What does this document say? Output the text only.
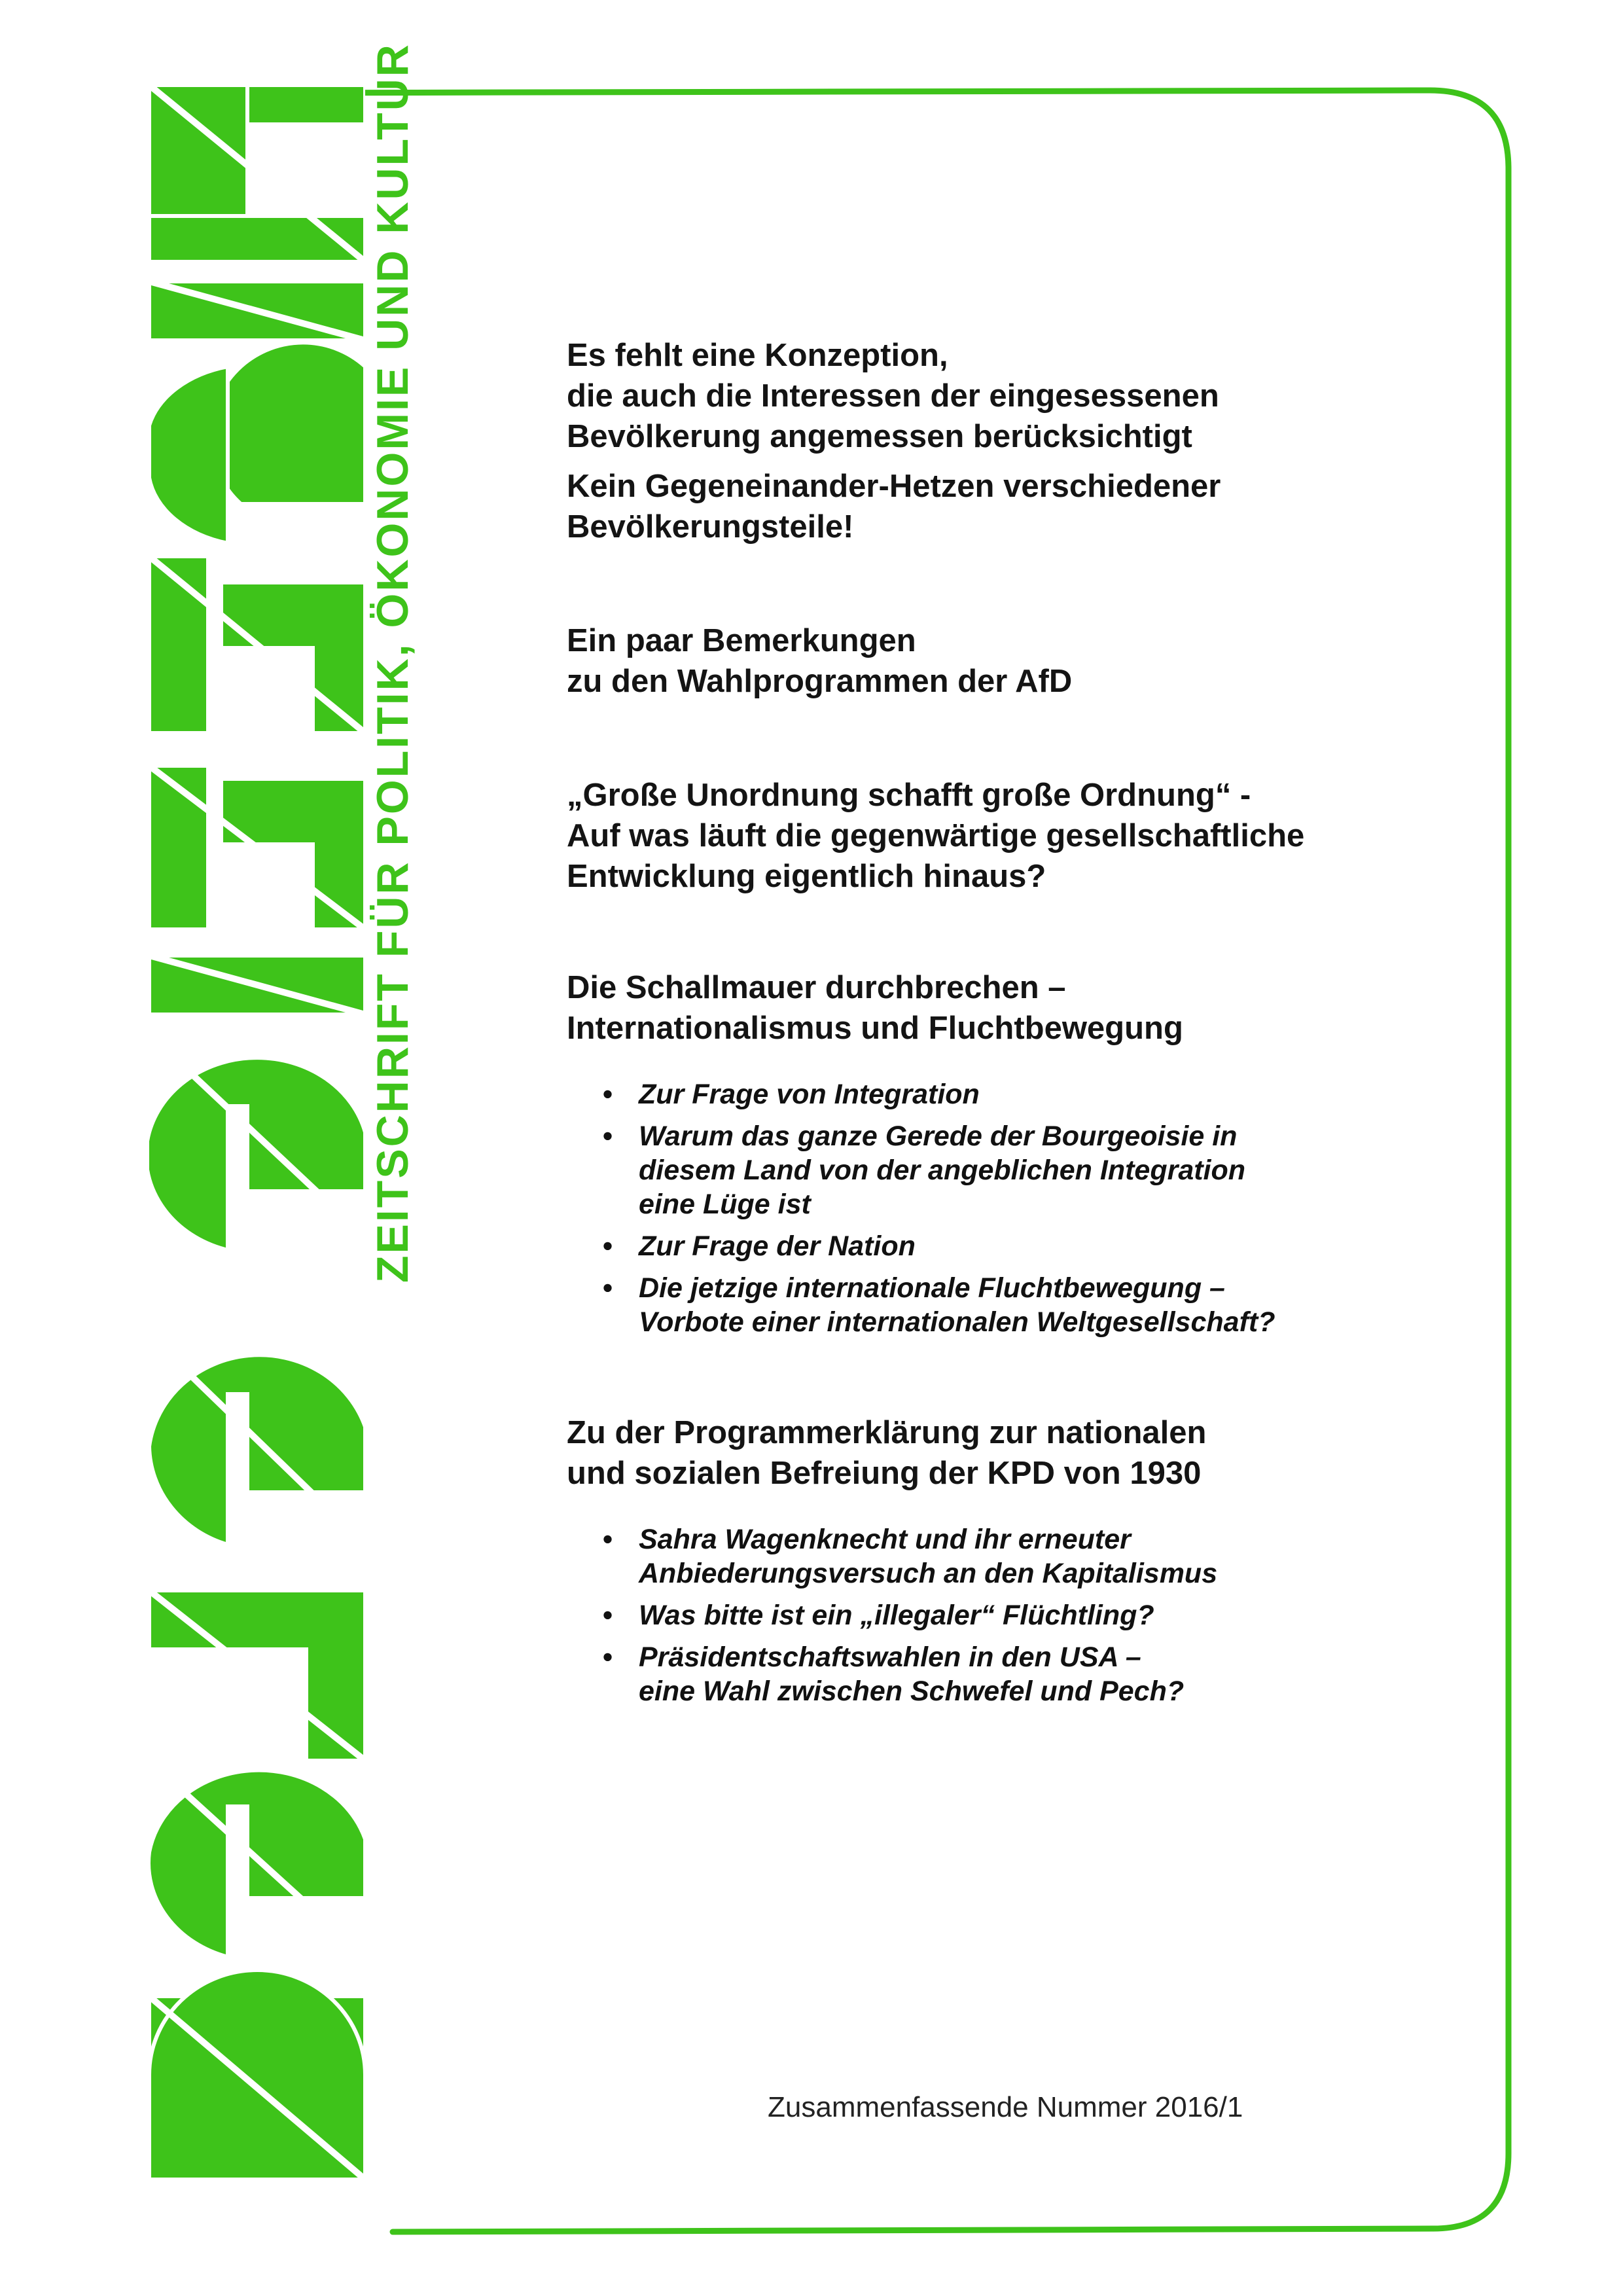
ZEITSCHRIFT FÜR POLITIK, ÖKONOMIE UND KULTUR	Es fehlt eine Konzeption,
die auch die Interessen der eingesessenen
Bevölkerung angemessen berücksichtigt
Kein Gegeneinander-Hetzen verschiedener
Bevölkerungsteile!
Ein paar Bemerkungen
zu den Wahlprogrammen der AfD
„Große Unordnung schafft große Ordnung“ -
Auf was läuft die gegenwärtige gesellschaftliche
Entwicklung eigentlich hinaus?
Die Schallmauer durchbrechen –
Internationalismus und Fluchtbewegung
• Zur Frage von Integration
• Warum das ganze Gerede der Bourgeoisie in
diesem Land von der angeblichen Integration
eine Lüge ist
• Zur Frage der Nation
• Die jetzige internationale Fluchtbewegung –
Vorbote einer internationalen Weltgesellschaft?
Zu der Programmerklärung zur nationalen
und sozialen Befreiung der KPD von 1930
• Sahra Wagenknecht und ihr erneuter
Anbiederungsversuch an den Kapitalismus
• Was bitte ist ein „illegaler“ Flüchtling?
• Präsidentschaftswahlen in den USA –
eine Wahl zwischen Schwefel und Pech?
Zusammenfassende Nummer 2016/1
